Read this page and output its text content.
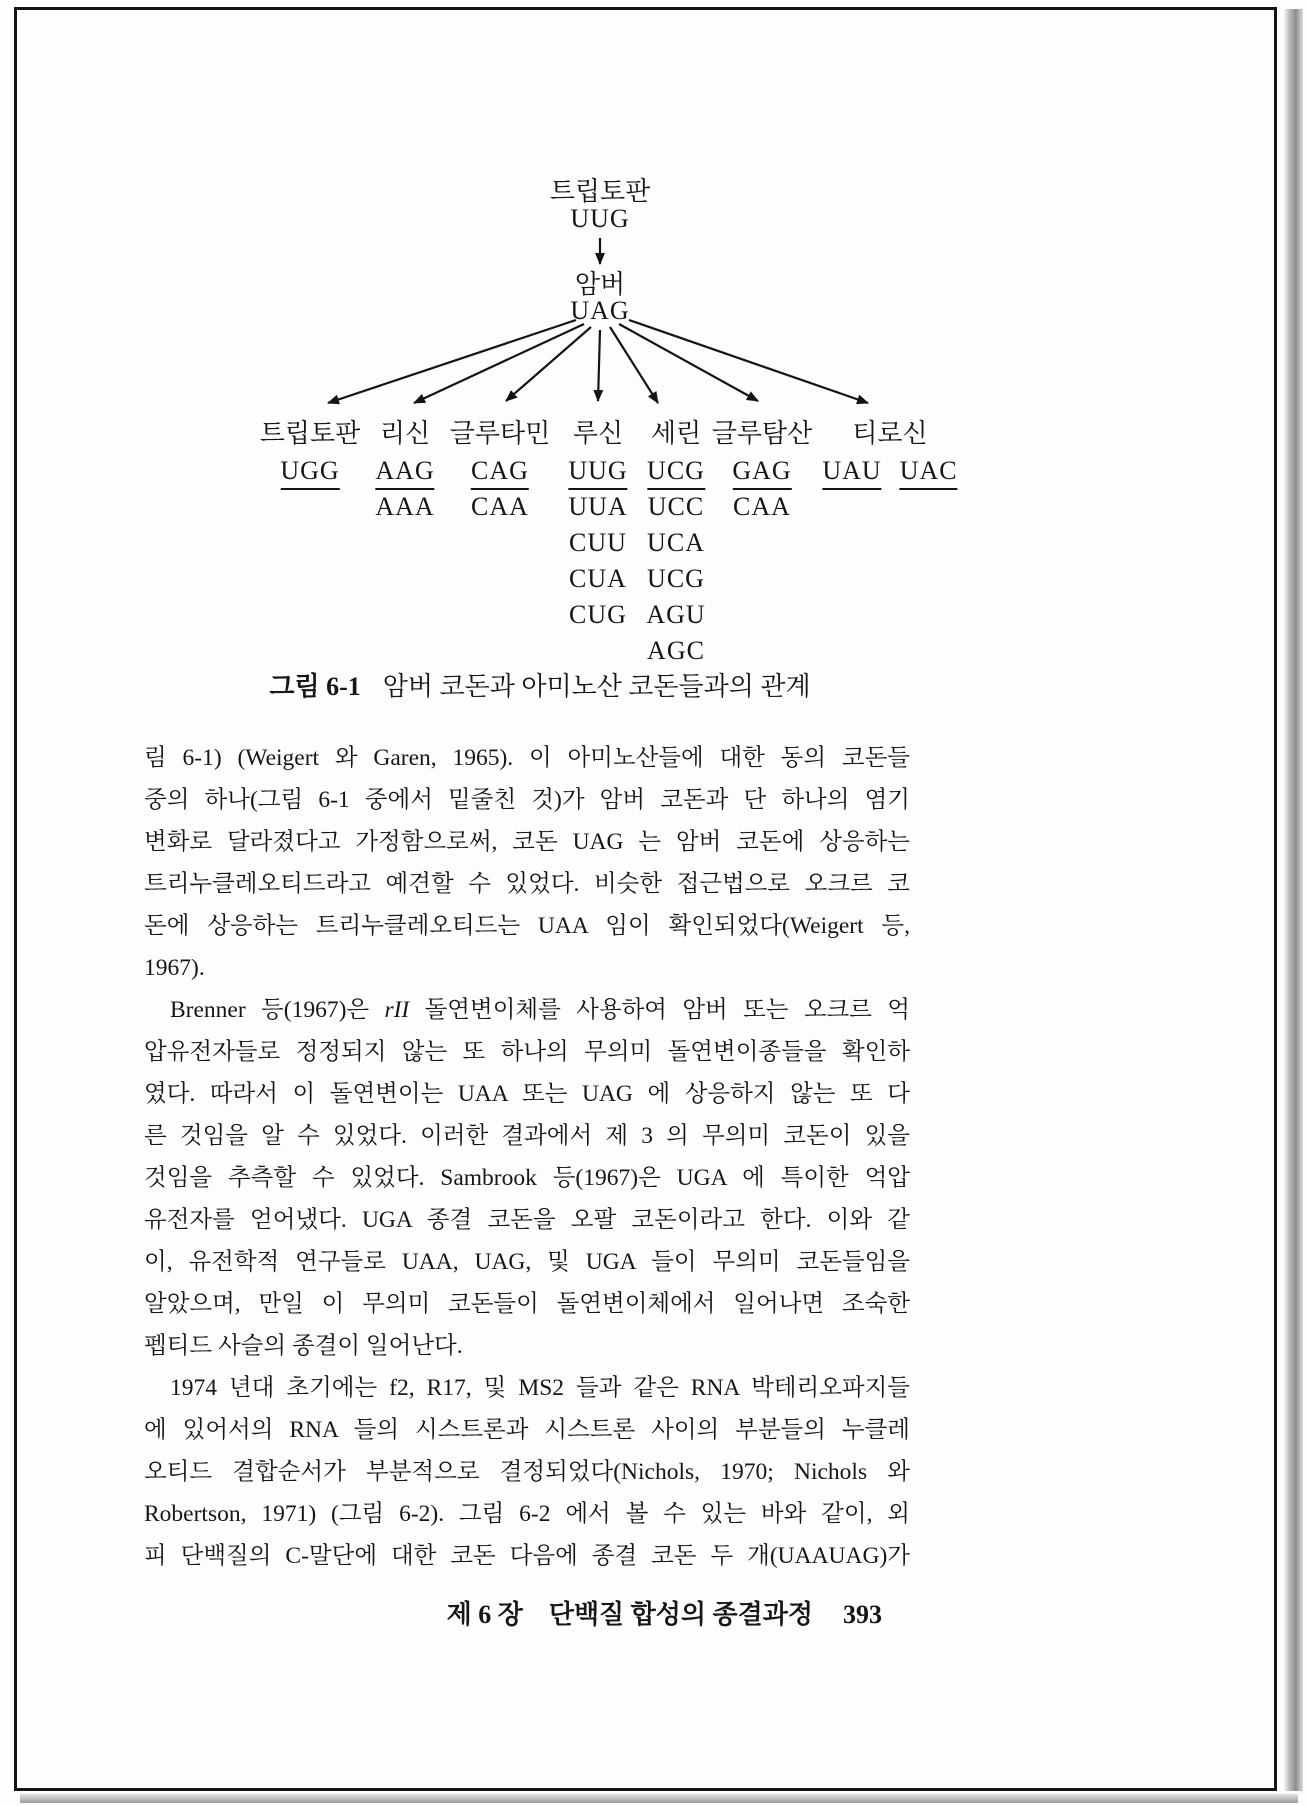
트립토판
UUG
암버
UAG
트립토판
UGG
리신
AAG
AAA
글루타민
CAG
CAA
루신
UUG
UUA
CUU
CUA
CUG
세린
UCG
UCC
UCA
UCG
AGU
AGC
글루탐산
GAG
CAA
티로신
UAU UAC
그림 6-1 암버 코돈과 아미노산 코돈들과의 관계
림 6-1) (Weigert 와 Garen, 1965). 이 아미노산들에 대한 동의 코돈들
중의 하나(그림 6-1 중에서 밑줄친 것)가 암버 코돈과 단 하나의 염기
변화로 달라졌다고 가정함으로써, 코돈 UAG 는 암버 코돈에 상응하는
트리누클레오티드라고 예견할 수 있었다. 비슷한 접근법으로 오크르 코
돈에 상응하는 트리누클레오티드는 UAA 임이 확인되었다(Weigert 등,
1967).
Brenner 등(1967)은 rII 돌연변이체를 사용하여 암버 또는 오크르 억
압유전자들로 정정되지 않는 또 하나의 무의미 돌연변이종들을 확인하
였다. 따라서 이 돌연변이는 UAA 또는 UAG 에 상응하지 않는 또 다
른 것임을 알 수 있었다. 이러한 결과에서 제 3 의 무의미 코돈이 있을
것임을 추측할 수 있었다. Sambrook 등(1967)은 UGA 에 특이한 억압
유전자를 얻어냈다. UGA 종결 코돈을 오팔 코돈이라고 한다. 이와 같
이, 유전학적 연구들로 UAA, UAG, 및 UGA 들이 무의미 코돈들임을
알았으며, 만일 이 무의미 코돈들이 돌연변이체에서 일어나면 조숙한
펩티드 사슬의 종결이 일어난다.
1974 년대 초기에는 f2, R17, 및 MS2 들과 같은 RNA 박테리오파지들
에 있어서의 RNA 들의 시스트론과 시스트론 사이의 부분들의 누클레
오티드 결합순서가 부분적으로 결정되었다(Nichols, 1970; Nichols 와
Robertson, 1971) (그림 6-2). 그림 6-2 에서 볼 수 있는 바와 같이, 외
피 단백질의 C-말단에 대한 코돈 다음에 종결 코돈 두 개(UAAUAG)가
제 6 장 단백질 합성의 종결과정 393
